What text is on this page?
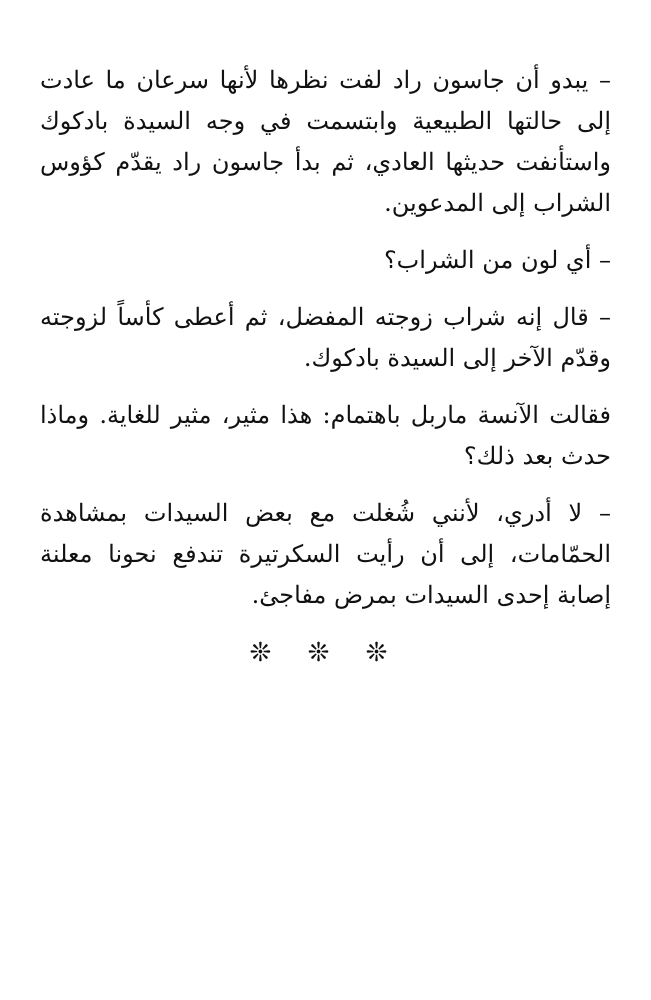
– يبدو أن جاسون راد لفت نظرها لأنها سرعان ما عادت إلى حالتها الطبيعية وابتسمت في وجه السيدة بادكوك واستأنفت حديثها العادي، ثم بدأ جاسون راد يقدّم كؤوس الشراب إلى المدعوين.

– أي لون من الشراب؟

– قال إنه شراب زوجته المفضل، ثم أعطى كأساً لزوجته وقدّم الآخر إلى السيدة بادكوك.

فقالت الآنسة ماربل باهتمام: هذا مثير، مثير للغاية. وماذا حدث بعد ذلك؟

– لا أدري، لأنني شُغلت مع بعض السيدات بمشاهدة الحمّامات، إلى أن رأيت السكرتيرة تندفع نحونا معلنة إصابة إحدى السيدات بمرض مفاجئ.

❊ ❊ ❊
